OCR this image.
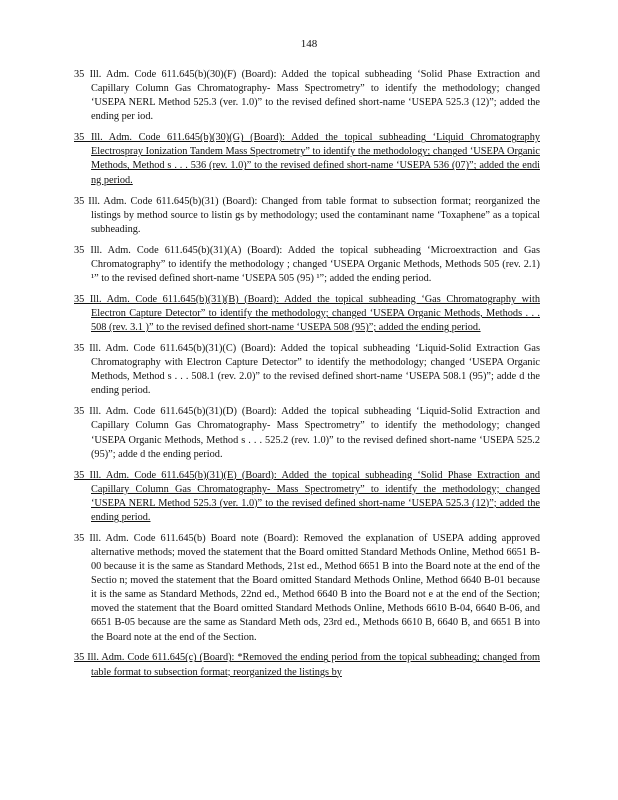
148

35 Ill. Adm. Code 611.645(b)(30)(F) (Board): Added the topical subheading ‘Solid Phase Extraction and Capillary Column Gas Chromatography- Mass Spectrometry” to identify the methodology; changed ‘USEPA NERL Method 525.3 (ver. 1.0)” to the revised defined short-name ‘USEPA 525.3 (12)”; added the ending per iod.

35 Ill. Adm. Code 611.645(b)(30)(G) (Board): Added the topical subheading ‘Liquid Chromatography Electrospray Ionization Tandem Mass Spectrometry” to identify the methodology; changed ‘USEPA Organic Methods, Method s . . . 536 (rev. 1.0)” to the revised defined short-name ‘USEPA 536 (07)”; added the endi ng period.

35 Ill. Adm. Code 611.645(b)(31) (Board): Changed from table format to subsection format; reorganized the listings by method source to listin gs by methodology; used the contaminant name ‘Toxaphene” as a topical subheading.

35 Ill. Adm. Code 611.645(b)(31)(A) (Board): Added the topical subheading ‘Microextraction and Gas Chromatography” to identify the methodology ; changed ‘USEPA Organic Methods, Methods 505 (rev. 2.1) ¹” to the revised defined short-name ‘USEPA 505 (95) ¹”; added the ending period.

35 Ill. Adm. Code 611.645(b)(31)(B) (Board): Added the topical subheading ‘Gas Chromatography with Electron Capture Detector” to identify the methodology; changed ‘USEPA Organic Methods, Methods . . . 508 (rev. 3.1 )” to the revised defined short-name ‘USEPA 508 (95)”; added the ending period.

35 Ill. Adm. Code 611.645(b)(31)(C) (Board): Added the topical subheading ‘Liquid-Solid Extraction Gas Chromatography with Electron Capture Detector” to identify the methodology; changed ‘USEPA Organic Methods, Method s . . . 508.1 (rev. 2.0)” to the revised defined short-name ‘USEPA 508.1 (95)”; adde d the ending period.

35 Ill. Adm. Code 611.645(b)(31)(D) (Board): Added the topical subheading ‘Liquid-Solid Extraction and Capillary Column Gas Chromatography- Mass Spectrometry” to identify the methodology; changed ‘USEPA Organic Methods, Method s . . . 525.2 (rev. 1.0)” to the revised defined short-name ‘USEPA 525.2 (95)”; adde d the ending period.

35 Ill. Adm. Code 611.645(b)(31)(E) (Board): Added the topical subheading ‘Solid Phase Extraction and Capillary Column Gas Chromatography- Mass Spectrometry” to identify the methodology; changed ‘USEPA NERL Method 525.3 (ver. 1.0)” to the revised defined short-name ‘USEPA 525.3 (12)”; added the ending period.

35 Ill. Adm. Code 611.645(b) Board note (Board): Removed the explanation of USEPA adding approved alternative methods; moved the statement that the Board omitted Standard Methods Online, Method 6651 B-00 because it is the same as Standard Methods, 21st ed., Method 6651 B into the Board note at the end of the Sectio n; moved the statement that the Board omitted Standard Methods Online, Method 6640 B-01 because it is the same as Standard Methods, 22nd ed., Method 6640 B into the Board not e at the end of the Section; moved the statement that the Board omitted Standard Methods Online, Methods 6610 B-04, 6640 B-06, and 6651 B-05 because are the same as Standard Meth ods, 23rd ed., Methods 6610 B, 6640 B, and 6651 B into the Board note at the end of the Section.

35 Ill. Adm. Code 611.645(c) (Board): *Removed the ending period from the topical subheading; changed from table format to subsection format; reorganized the listings by
